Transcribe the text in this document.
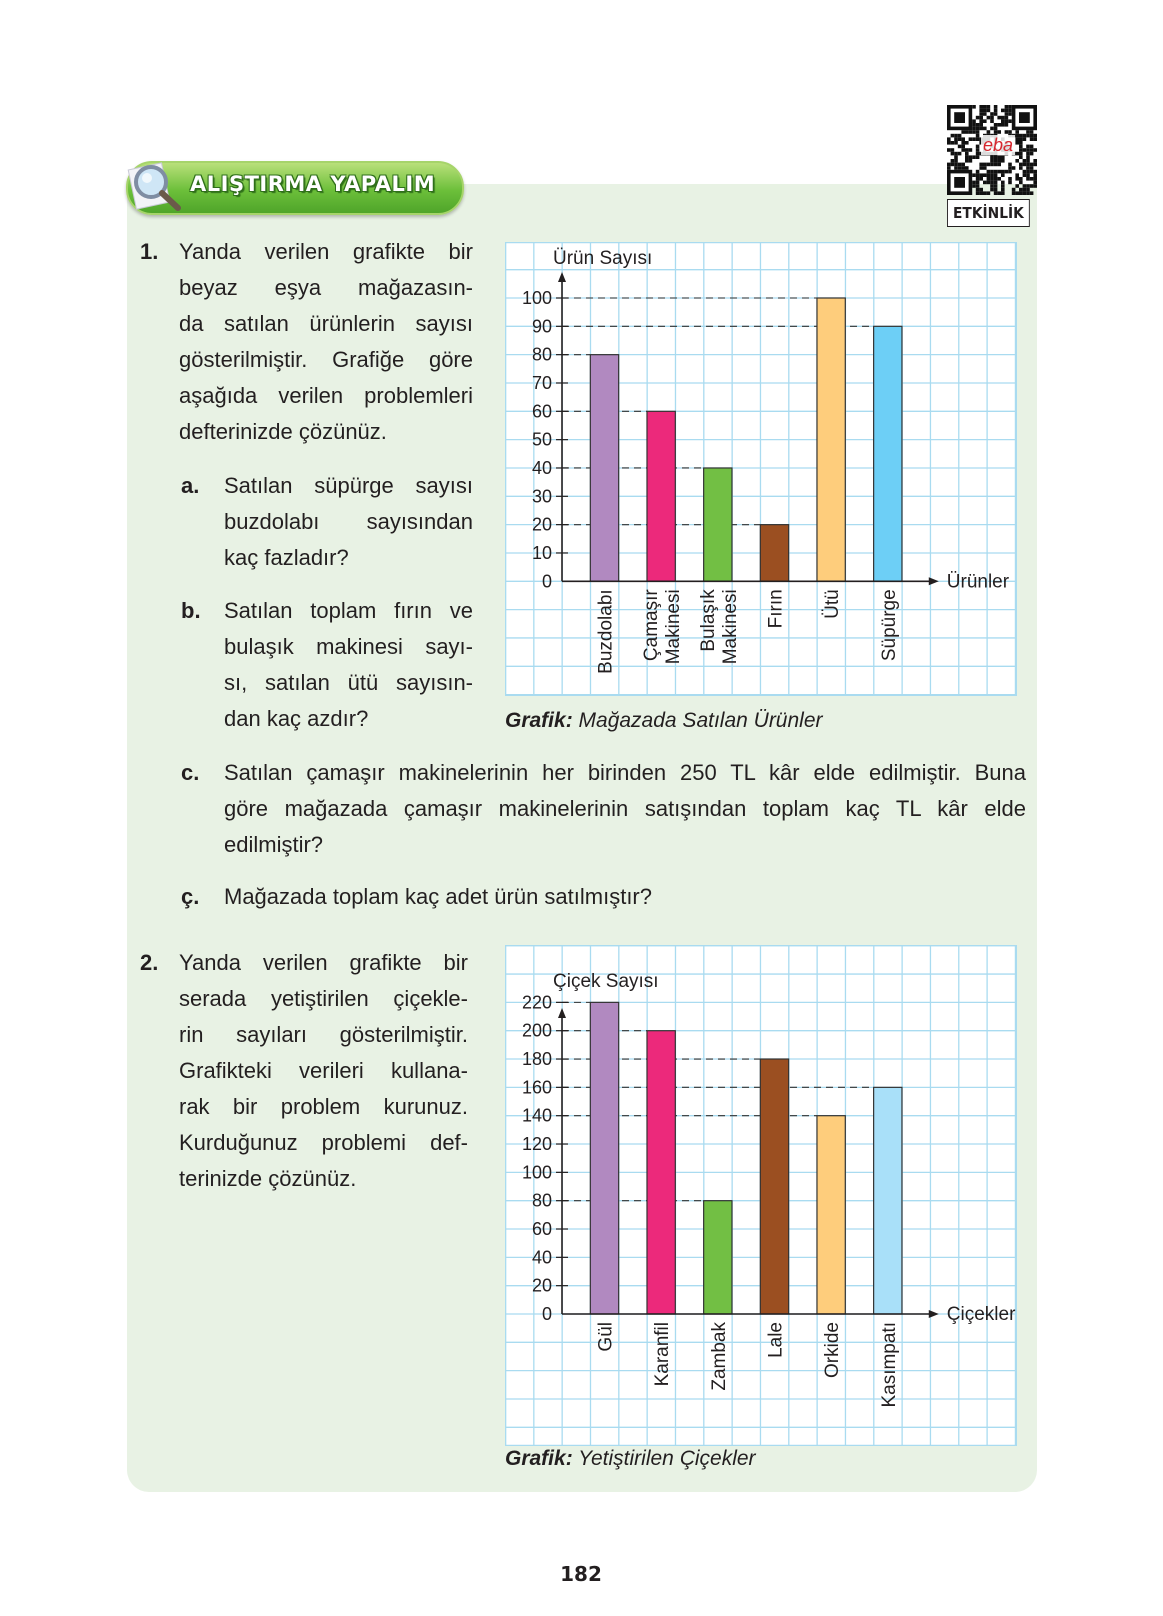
ALIŞTIRMA YAPALIM
eba
ETKİNLİK
1. Yanda verilen grafikte bir
beyaz eşya mağazasın-
da satılan ürünlerin sayısı
gösterilmiştir. Grafiğe göre
aşağıda verilen problemleri
defterinizde çözünüz.
a. Satılan süpürge sayısı
buzdolabı sayısından
kaç fazladır?
b. Satılan toplam fırın ve
bulaşık makinesi sayı-
sı, satılan ütü sayısın-
dan kaç azdır?
c. Satılan çamaşır makinelerinin her birinden 250 TL kâr elde edilmiştir. Buna
göre mağazada çamaşır makinelerinin satışından toplam kaç TL kâr elde
edilmiştir?
ç. Mağazada toplam kaç adet ürün satılmıştır?
0
10
20
30
40
50
60
70
80
90
100
Ürün Sayısı
Ürünler
Buzdolabı Çamaşır Makinesi Bulaşık Makinesi Fırın Ütü Süpürge
Grafik: Mağazada Satılan Ürünler
2. Yanda verilen grafikte bir
serada yetiştirilen çiçekle-
rin sayıları gösterilmiştir.
Grafikteki verileri kullana-
rak bir problem kurunuz.
Kurduğunuz problemi def-
terinizde çözünüz.
0
20
40
60
80
100
120
140
160
180
200
220
Çiçek Sayısı
Çiçekler
Gül Karanfil Zambak Lale Orkide Kasımpatı
Grafik: Yetiştirilen Çiçekler
182
